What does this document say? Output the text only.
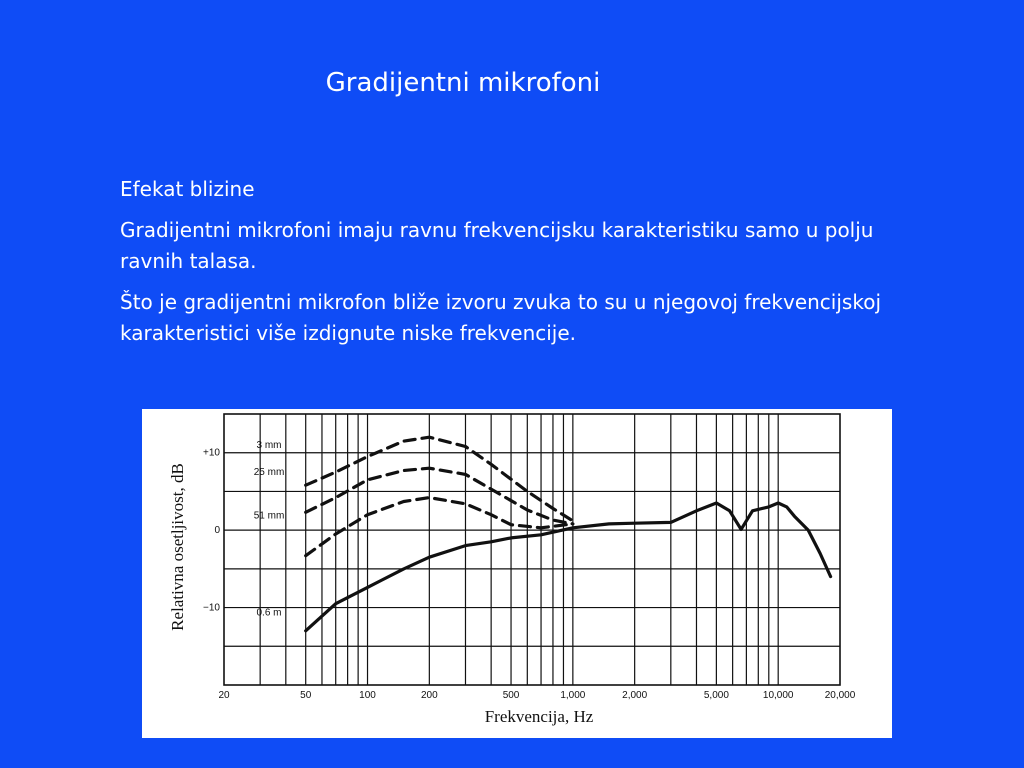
Gradijentni mikrofoni

Efekat blizine

Gradijentni mikrofoni imaju ravnu frekvencijsku karakteristiku samo u polju ravnih talasa.

Što je gradijentni mikrofon bliže izvoru zvuka to su u njegovoj frekvencijskoj karakteristici više izdignute niske frekvencije.

20	50	100	200	500	1,000	2,000	5,000	10,000	20,000
+10
0
−10
3 mm
25 mm
51 mm
0.6 m
Frekvencija, Hz
Relativna osetljivost, dB
